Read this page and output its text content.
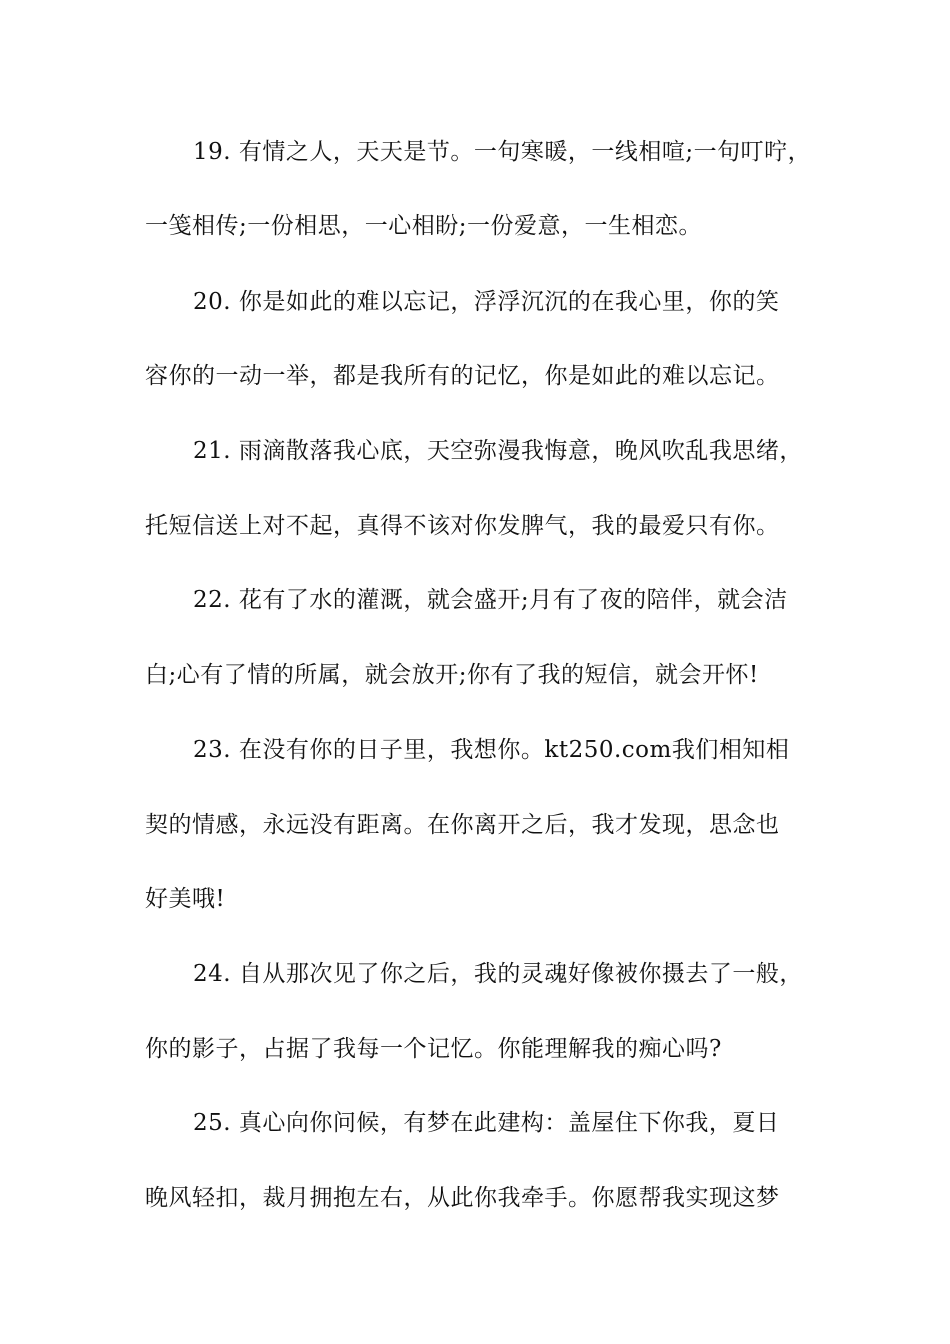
19. 有情之人，天天是节。一句寒暖，一线相喧;一句叮咛，
一笺相传;一份相思，一心相盼;一份爱意，一生相恋。
20. 你是如此的难以忘记，浮浮沉沉的在我心里，你的笑
容你的一动一举，都是我所有的记忆，你是如此的难以忘记。
21. 雨滴散落我心底，天空弥漫我悔意，晚风吹乱我思绪，
托短信送上对不起，真得不该对你发脾气，我的最爱只有你。
22. 花有了水的灌溉，就会盛开;月有了夜的陪伴，就会洁
白;心有了情的所属，就会放开;你有了我的短信，就会开怀!
23. 在没有你的日子里，我想你。kt250.com我们相知相
契的情感，永远没有距离。在你离开之后，我才发现，思念也
好美哦!
24. 自从那次见了你之后，我的灵魂好像被你摄去了一般，
你的影子，占据了我每一个记忆。你能理解我的痴心吗?
25. 真心向你问候，有梦在此建构：盖屋住下你我，夏日
晚风轻扣，裁月拥抱左右，从此你我牵手。你愿帮我实现这梦
